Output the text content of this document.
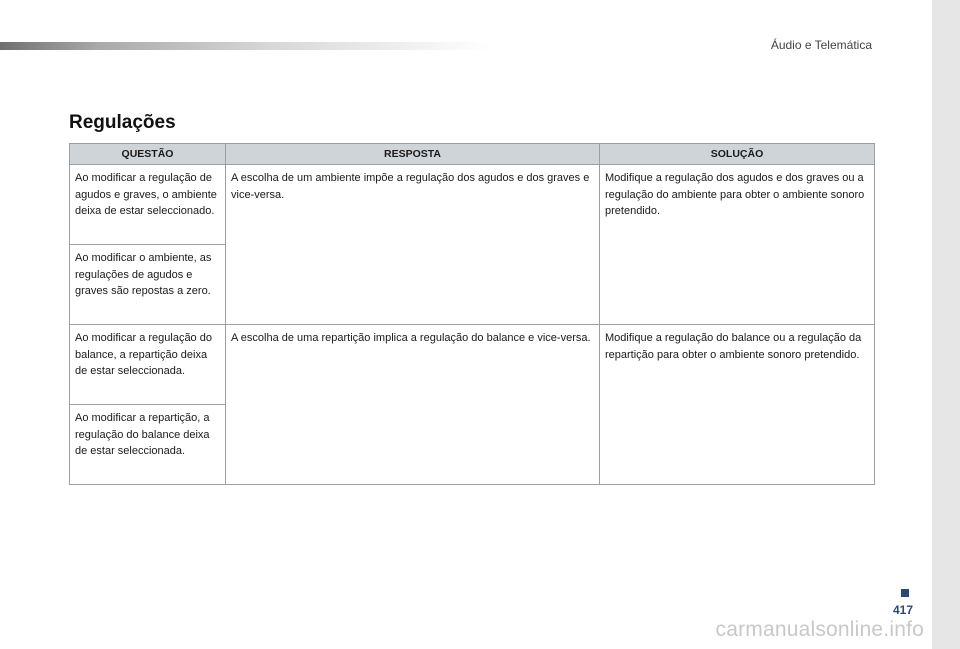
Áudio e Telemática
Regulações
QUESTÃO	RESPOSTA	SOLUÇÃO
Ao modificar a regulação de agudos e graves, o ambiente deixa de estar seleccionado.	A escolha de um ambiente impõe a regulação dos agudos e dos graves e vice-versa.	Modifique a regulação dos agudos e dos graves ou a regulação do ambiente para obter o ambiente sonoro pretendido.
Ao modificar o ambiente, as regulações de agudos e graves são repostas a zero.		
Ao modificar a regulação do balance, a repartição deixa de estar seleccionada.	A escolha de uma repartição implica a regulação do balance e vice-versa.	Modifique a regulação do balance ou a regulação da repartição para obter o ambiente sonoro pretendido.
Ao modificar a repartição, a regulação do balance deixa de estar seleccionada.		
417
carmanualsonline.info
